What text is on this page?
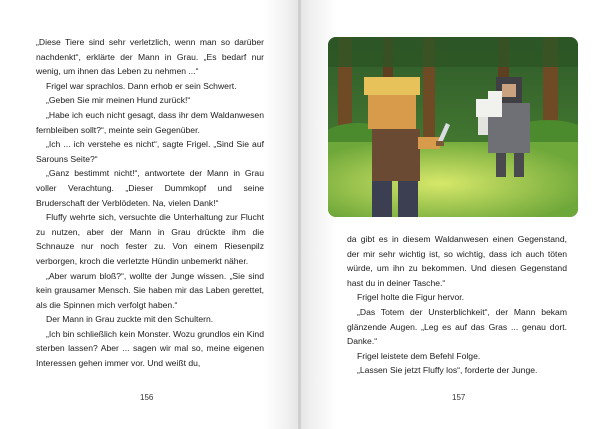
„Diese Tiere sind sehr verletzlich, wenn man so darüber nachdenkt“, erklärte der Mann in Grau. „Es bedarf nur wenig, um ihnen das Leben zu nehmen ...“

Frigel war sprachlos. Dann erhob er sein Schwert.

„Geben Sie mir meinen Hund zurück!“

„Habe ich euch nicht gesagt, dass ihr dem Waldanwesen fernbleiben sollt?“, meinte sein Gegenüber.

„Ich ... ich verstehe es nicht“, sagte Frigel. „Sind Sie auf Sarouns Seite?“

„Ganz bestimmt nicht!“, antwortete der Mann in Grau voller Verachtung. „Dieser Dummkopf und seine Bruderschaft der Verblödeten. Na, vielen Dank!“

Fluffy wehrte sich, versuchte die Unterhaltung zur Flucht zu nutzen, aber der Mann in Grau drückte ihm die Schnauze nur noch fester zu. Von einem Riesenpilz verborgen, kroch die verletzte Hündin unbemerkt näher.

„Aber warum bloß?“, wollte der Junge wissen. „Sie sind kein grausamer Mensch. Sie haben mir das Laben gerettet, als die Spinnen mich verfolgt haben.“

Der Mann in Grau zuckte mit den Schultern.

„Ich bin schließlich kein Monster. Wozu grundlos ein Kind sterben lassen? Aber ... sagen wir mal so, meine eigenen Interessen gehen immer vor. Und weißt du,

156

da gibt es in diesem Waldanwesen einen Gegenstand, der mir sehr wichtig ist, so wichtig, dass ich auch töten würde, um ihn zu bekommen. Und diesen Gegenstand hast du in deiner Tasche.“

Frigel holte die Figur hervor.

„Das Totem der Unsterblichkeit“, der Mann bekam glänzende Augen. „Leg es auf das Gras ... genau dort. Danke.“

Frigel leistete dem Befehl Folge.

„Lassen Sie jetzt Fluffy los“, forderte der Junge.

157
